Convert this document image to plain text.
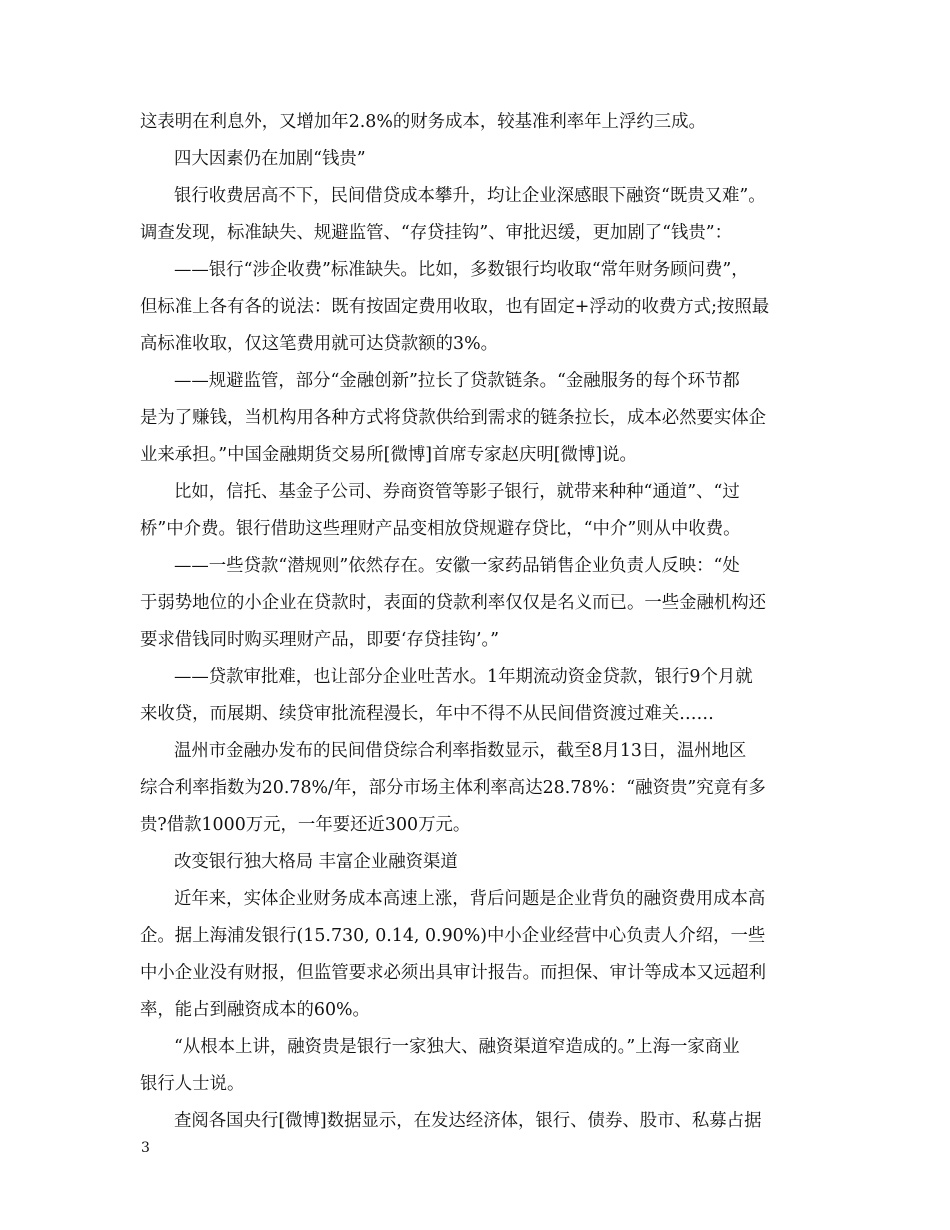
这表明在利息外，又增加年2.8%的财务成本，较基准利率年上浮约三成。
四大因素仍在加剧“钱贵”
银行收费居高不下，民间借贷成本攀升，均让企业深感眼下融资“既贵又难”。
调查发现，标准缺失、规避监管、“存贷挂钩”、审批迟缓，更加剧了“钱贵”：
——银行“涉企收费”标准缺失。比如，多数银行均收取“常年财务顾问费”，
但标准上各有各的说法：既有按固定费用收取，也有固定+浮动的收费方式;按照最
高标准收取，仅这笔费用就可达贷款额的3%。
——规避监管，部分“金融创新”拉长了贷款链条。“金融服务的每个环节都
是为了赚钱，当机构用各种方式将贷款供给到需求的链条拉长，成本必然要实体企
业来承担。”中国金融期货交易所[微博]首席专家赵庆明[微博]说。
比如，信托、基金子公司、券商资管等影子银行，就带来种种“通道”、“过
桥”中介费。银行借助这些理财产品变相放贷规避存贷比，“中介”则从中收费。
——一些贷款“潜规则”依然存在。安徽一家药品销售企业负责人反映：“处
于弱势地位的小企业在贷款时，表面的贷款利率仅仅是名义而已。一些金融机构还
要求借钱同时购买理财产品，即要‘存贷挂钩’。”
——贷款审批难，也让部分企业吐苦水。1年期流动资金贷款，银行9个月就
来收贷，而展期、续贷审批流程漫长，年中不得不从民间借资渡过难关……
温州市金融办发布的民间借贷综合利率指数显示，截至8月13日，温州地区
综合利率指数为20.78%/年，部分市场主体利率高达28.78%：“融资贵”究竟有多
贵?借款1000万元，一年要还近300万元。
改变银行独大格局 丰富企业融资渠道
近年来，实体企业财务成本高速上涨，背后问题是企业背负的融资费用成本高
企。据上海浦发银行(15.730, 0.14, 0.90%)中小企业经营中心负责人介绍，一些
中小企业没有财报，但监管要求必须出具审计报告。而担保、审计等成本又远超利
率，能占到融资成本的60%。
“从根本上讲，融资贵是银行一家独大、融资渠道窄造成的。”上海一家商业
银行人士说。
查阅各国央行[微博]数据显示，在发达经济体，银行、债券、股市、私募占据
3
